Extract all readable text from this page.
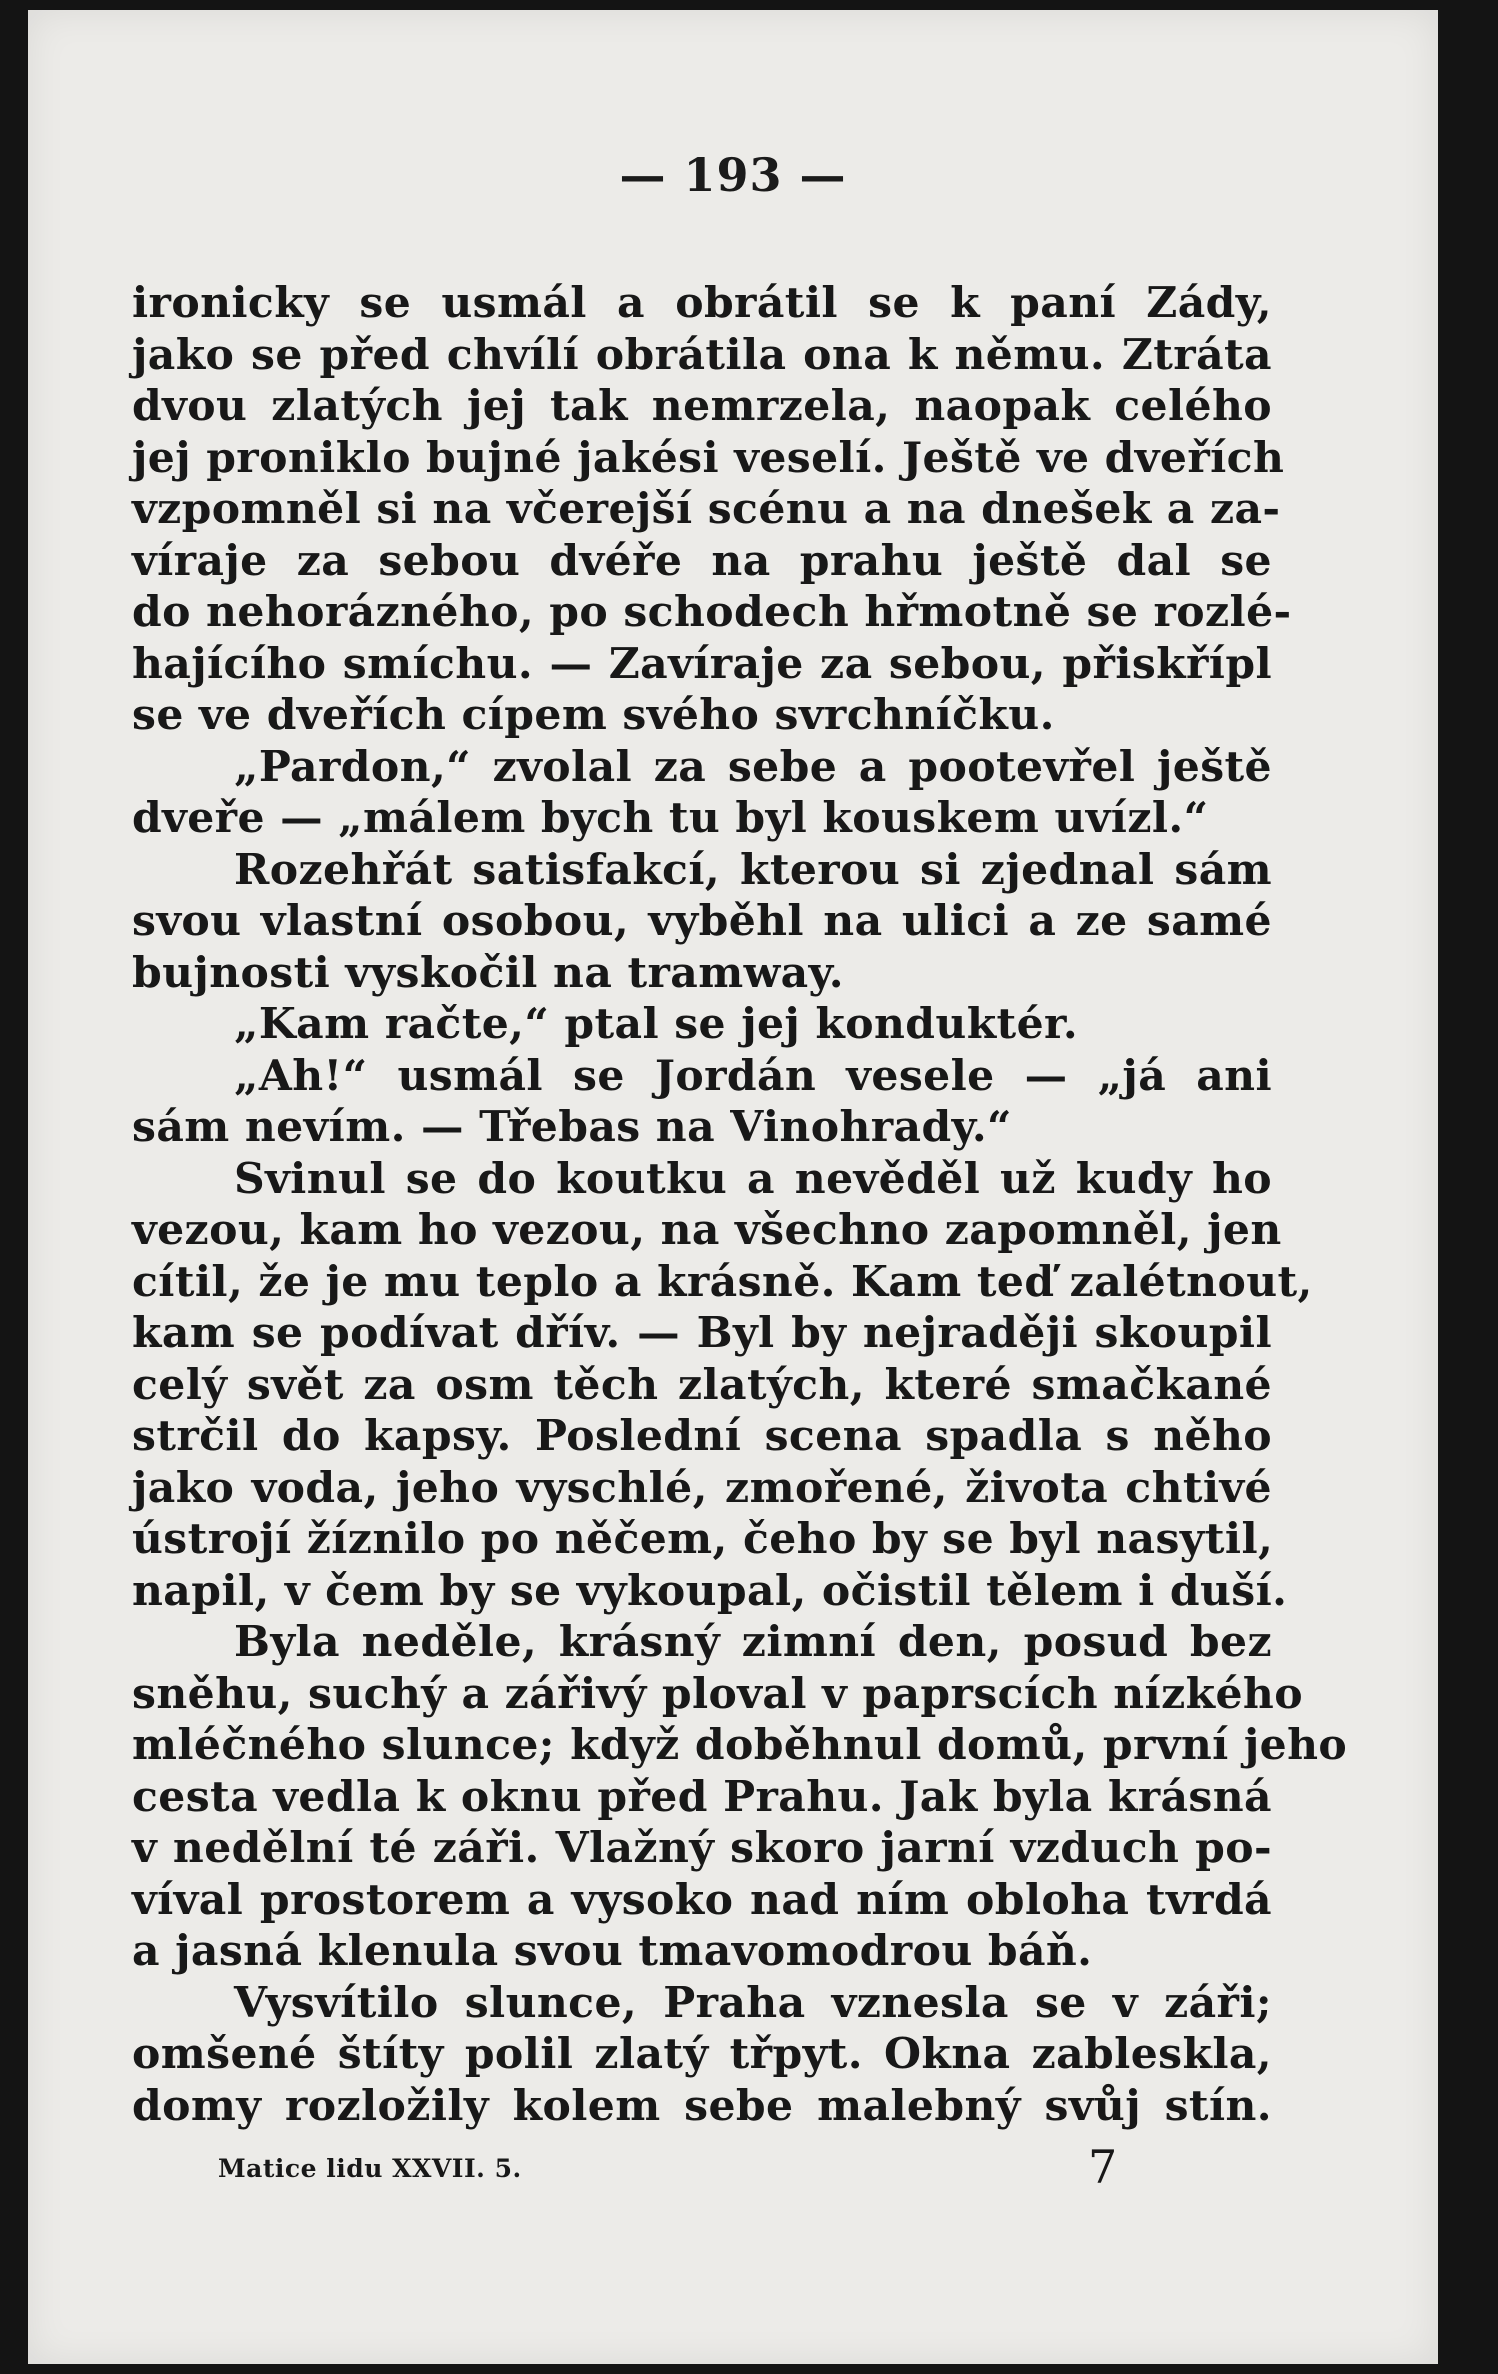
— 193 —
ironicky se usmál a obrátil se k paní Zády,
jako se před chvílí obrátila ona k němu. Ztráta
dvou zlatých jej tak nemrzela, naopak celého
jej proniklo bujné jakési veselí. Ještě ve dveřích
vzpomněl si na včerejší scénu a na dnešek a za-
víraje za sebou dvéře na prahu ještě dal se
do nehorázného, po schodech hřmotně se rozlé-
hajícího smíchu. — Zavíraje za sebou, přiskřípl
se ve dveřích cípem svého svrchníčku.
„Pardon,“ zvolal za sebe a pootevřel ještě
dveře — „málem bych tu byl kouskem uvízl.“
Rozehřát satisfakcí, kterou si zjednal sám
svou vlastní osobou, vyběhl na ulici a ze samé
bujnosti vyskočil na tramway.
„Kam račte,“ ptal se jej konduktér.
„Ah!“ usmál se Jordán vesele — „já ani
sám nevím. — Třebas na Vinohrady.“
Svinul se do koutku a nevěděl už kudy ho
vezou, kam ho vezou, na všechno zapomněl, jen
cítil, že je mu teplo a krásně. Kam teď zalétnout,
kam se podívat dřív. — Byl by nejraději skoupil
celý svět za osm těch zlatých, které smačkané
strčil do kapsy. Poslední scena spadla s něho
jako voda, jeho vyschlé, zmořené, života chtivé
ústrojí žíznilo po něčem, čeho by se byl nasytil,
napil, v čem by se vykoupal, očistil tělem i duší.
Byla neděle, krásný zimní den, posud bez
sněhu, suchý a zářivý ploval v paprscích nízkého
mléčného slunce; když doběhnul domů, první jeho
cesta vedla k oknu před Prahu. Jak byla krásná
v nedělní té záři. Vlažný skoro jarní vzduch po-
víval prostorem a vysoko nad ním obloha tvrdá
a jasná klenula svou tmavomodrou báň.
Vysvítilo slunce, Praha vznesla se v záři;
omšené štíty polil zlatý třpyt. Okna zableskla,
domy rozložily kolem sebe malebný svůj stín.
Matice lidu XXVII. 5.	7
